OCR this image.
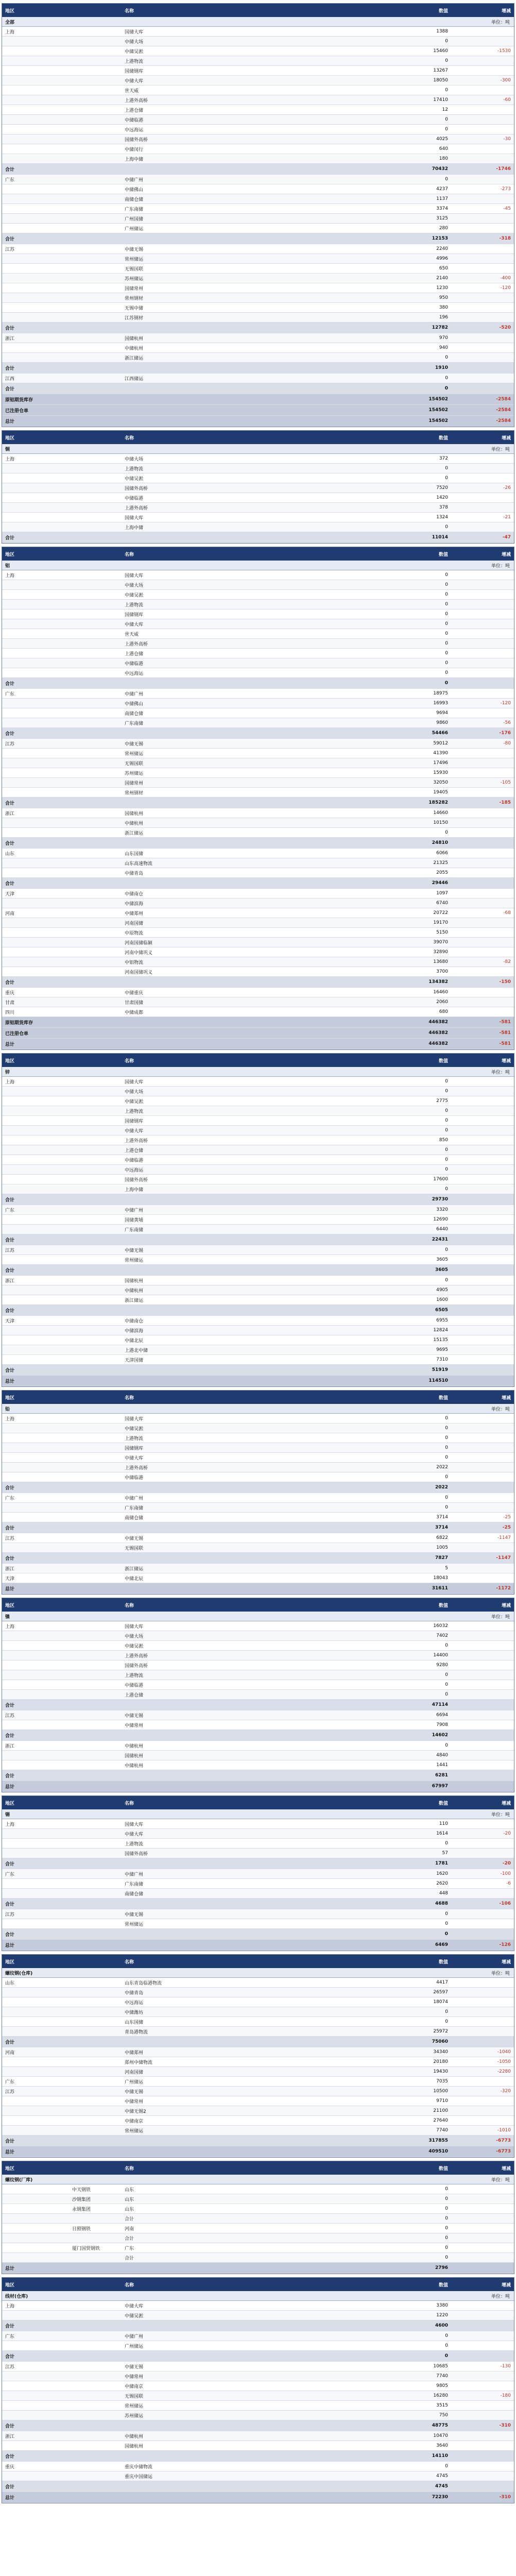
地区	名称	数值	增减
全部	单位：吨
上海	国储大库	1388
中储大场	0
中储吴淞	15460	-1530
上港物流	0
国储钢库	13267
中储大库	18050	-300
世天威	0
上港外高桥	17410	-60
上港仓储	12
中储临港	0
中远海运	0
国储外高桥	4025	-30
中储闵行	640
上海中储	180
合计	70432	-1746
广东	中储广州	0
中储佛山	4237	-273
南储仓储	1137
广东南储	3374	-45
广州国储	3125
广州储运	280
合计	12153	-318
江苏	中储无锡	2240
常州储运	4996
无锡国联	650
苏州储运	2140	-400
国储常州	1230	-120
常州钢材	950
无锡中储	380
江苏钢材	196
合计	12782	-520
浙江	国储杭州	970
中储杭州	940
浙江储运	0
合计	1910
江西	江西储运	0
合计	0
原铝期货库存	154502	-2584
已注册仓单	154502	-2584
总计	154502	-2584
地区	名称	数值	增减
铜	单位：吨
上海	中储大场	372
上港物流	0
中储吴淞	0
国储外高桥	7520	-26
中储临港	1420
上港外高桥	378
国储大库	1324	-21
上海中储	0
合计	11014	-47
地区	名称	数值	增减
铝	单位：吨
上海	国储大库	0
中储大场	0
中储吴淞	0
上港物流	0
国储钢库	0
中储大库	0
世天威	0
上港外高桥	0
上港仓储	0
中储临港	0
中远海运	0
合计	0
广东	中储广州	18975
中储佛山	16993	-120
南储仓储	9694
广东南储	9860	-56
合计	54466	-176
江苏	中储无锡	59012	-80
常州储运	41390
无锡国联	17496
苏州储运	15930
国储常州	32050	-105
常州钢材	19405
合计	185282	-185
浙江	国储杭州	14660
中储杭州	10150
浙江储运	0
合计	24810
山东	山东国储	6066
山东高速物流	21325
中储青岛	2055
合计	29446
天津	中储南仓	1097
中储滨海	6740
河南	中储郑州	20722	-68
河南国储	19170
中原物流	5150
河南国储临颍	39070
河南中储巩义	32890
中铝物流	13680	-82
河南国储巩义	3700
合计	134382	-150
重庆	中储重庆	16460
甘肃	甘肃国储	2060
四川	中储成都	680
原铝期货库存	446382	-581
已注册仓单	446382	-581
总计	446382	-581
地区	名称	数值	增减
锌	单位：吨
上海	国储大库	0
中储大场	0
中储吴淞	2775
上港物流	0
国储钢库	0
中储大库	0
上港外高桥	850
上港仓储	0
中储临港	0
中远海运	0
国储外高桥	17600
上海中储	0
合计	29730
广东	中储广州	3320
国储黄埔	12690
广东南储	6440
合计	22431
江苏	中储无锡	0
常州储运	3605
合计	3605
浙江	国储杭州	0
中储杭州	4905
浙江储运	1600
合计	6505
天津	中储南仓	6955
中储滨海	12824
中储北辰	15135
上港北中储	9695
天津国储	7310
合计	51919
总计	114510
地区	名称	数值	增减
铅	单位：吨
上海	国储大库	0
中储吴淞	0
上港物流	0
国储钢库	0
中储大库	0
上港外高桥	2022
中储临港	0
合计	2022
广东	中储广州	0
广东南储	0
南储仓储	3714	-25
合计	3714	-25
江苏	中储无锡	6822	-1147
无锡国联	1005
合计	7827	-1147
浙江	浙江储运	5
天津	中储北辰	18043
总计	31611	-1172
地区	名称	数值	增减
镍	单位：吨
上海	国储大库	16032
中储大场	7402
中储吴淞	0
上港外高桥	14400
国储外高桥	9280
上港物流	0
中储临港	0
上港仓储	0
合计	47114
江苏	中储无锡	6694
中储常州	7908
合计	14602
浙江	中储杭州	0
国储杭州	4840
中储杭州	1441
合计	6281
总计	67997
地区	名称	数值	增减
锡	单位：吨
上海	国储大库	110
中储大库	1614	-20
上港物流	0
国储外高桥	57
合计	1781	-20
广东	中储广州	1620	-100
广东南储	2620	-6
南储仓储	448
合计	4688	-106
江苏	中储无锡	0
常州储运	0
合计	0
总计	6469	-126
地区	名称	数值	增减
螺纹钢(仓库)	单位：吨
山东	山东青岛临港物流	4417
中储青岛	26597
中远海运	18074
中储潍坊	0
山东国储	0
青岛港物流	25972
合计	75060
河南	中储郑州	34340	-1040
郑州中储物流	20180	-1050
河南国储	19430	-2280
广东	广州储运	7035
江苏	中储无锡	10500	-320
中储常州	9710
中储无锡2	21100
中储南京	27640
常州储运	7740	-1010
合计	317855	-6773
总计	409510	-6773
地区	名称	数值	增减
螺纹钢(厂库)	单位：吨
中天钢铁	山东	0
沙钢集团	山东	0
永钢集团	山东	0
合计	0
日照钢铁	河南	0
合计	0
厦门国贸钢铁	广东	0
合计	0
总计	2796
地区	名称	数值	增减
线材(仓库)	单位：吨
上海	中储大库	3380
中储吴淞	1220
合计	4600
广东	中储广州	0
广州储运	0
合计	0
江苏	中储无锡	10685	-130
中储常州	7740
中储南京	9805
无锡国联	16280	-180
常州储运	3515
苏州储运	750
合计	48775	-310
浙江	中储杭州	10470
国储杭州	3640
合计	14110
重庆	重庆中储物流	0
重庆中国储运	4745
合计	4745
总计	72230	-310
